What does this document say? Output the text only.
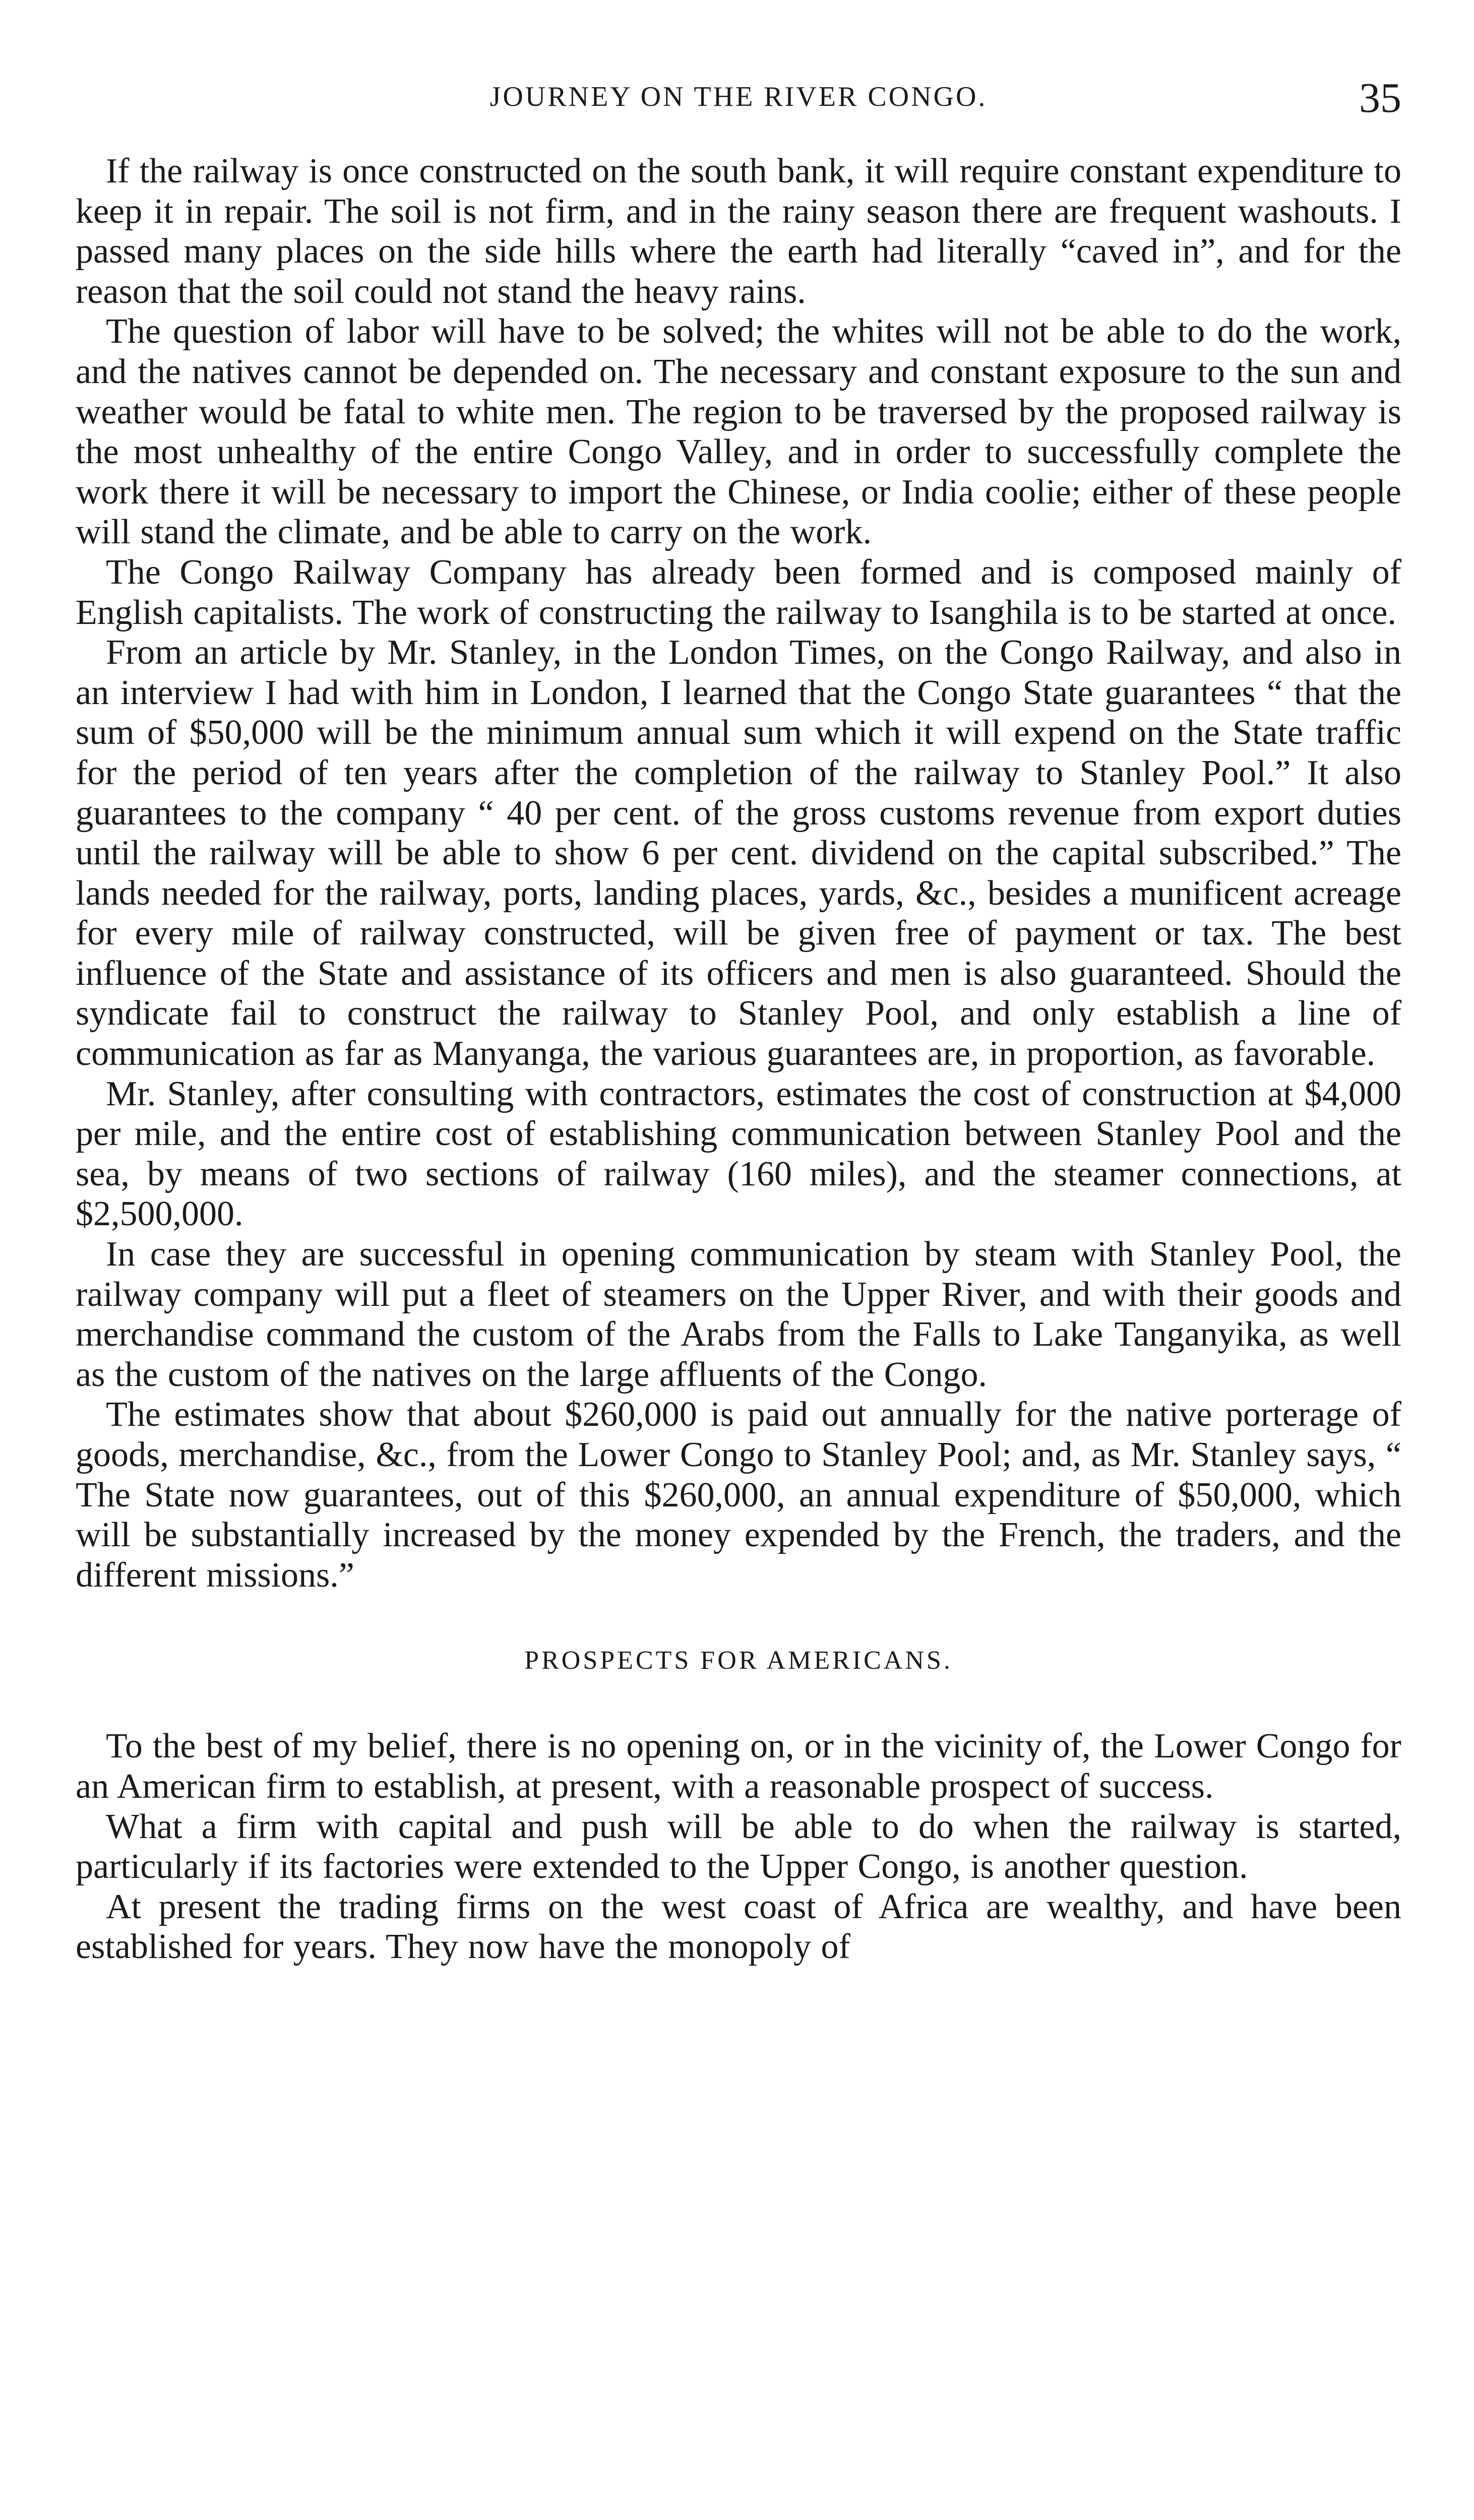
JOURNEY ON THE RIVER CONGO.	35

If the railway is once constructed on the south bank, it will require constant expenditure to keep it in repair. The soil is not firm, and in the rainy season there are frequent washouts. I passed many places on the side hills where the earth had literally “caved in”, and for the reason that the soil could not stand the heavy rains.

The question of labor will have to be solved; the whites will not be able to do the work, and the natives cannot be depended on. The necessary and constant exposure to the sun and weather would be fatal to white men. The region to be traversed by the proposed railway is the most unhealthy of the entire Congo Valley, and in order to successfully complete the work there it will be necessary to import the Chinese, or India coolie; either of these people will stand the climate, and be able to carry on the work.

The Congo Railway Company has already been formed and is composed mainly of English capitalists. The work of constructing the railway to Isanghila is to be started at once.

From an article by Mr. Stanley, in the London Times, on the Congo Railway, and also in an interview I had with him in London, I learned that the Congo State guarantees “ that the sum of $50,000 will be the minimum annual sum which it will expend on the State traffic for the period of ten years after the completion of the railway to Stanley Pool.” It also guarantees to the company “ 40 per cent. of the gross customs revenue from export duties until the railway will be able to show 6 per cent. dividend on the capital subscribed.” The lands needed for the railway, ports, landing places, yards, &c., besides a munificent acreage for every mile of railway constructed, will be given free of payment or tax. The best influence of the State and assistance of its officers and men is also guaranteed. Should the syndicate fail to construct the railway to Stanley Pool, and only establish a line of communication as far as Manyanga, the various guarantees are, in proportion, as favorable.

Mr. Stanley, after consulting with contractors, estimates the cost of construction at $4,000 per mile, and the entire cost of establishing communication between Stanley Pool and the sea, by means of two sections of railway (160 miles), and the steamer connections, at $2,500,000.

In case they are successful in opening communication by steam with Stanley Pool, the railway company will put a fleet of steamers on the Upper River, and with their goods and merchandise command the custom of the Arabs from the Falls to Lake Tanganyika, as well as the custom of the natives on the large affluents of the Congo.

The estimates show that about $260,000 is paid out annually for the native porterage of goods, merchandise, &c., from the Lower Congo to Stanley Pool; and, as Mr. Stanley says, “ The State now guarantees, out of this $260,000, an annual expenditure of $50,000, which will be substantially increased by the money expended by the French, the traders, and the different missions.”

PROSPECTS FOR AMERICANS.

To the best of my belief, there is no opening on, or in the vicinity of, the Lower Congo for an American firm to establish, at present, with a reasonable prospect of success.

What a firm with capital and push will be able to do when the railway is started, particularly if its factories were extended to the Upper Congo, is another question.

At present the trading firms on the west coast of Africa are wealthy, and have been established for years. They now have the monopoly of
